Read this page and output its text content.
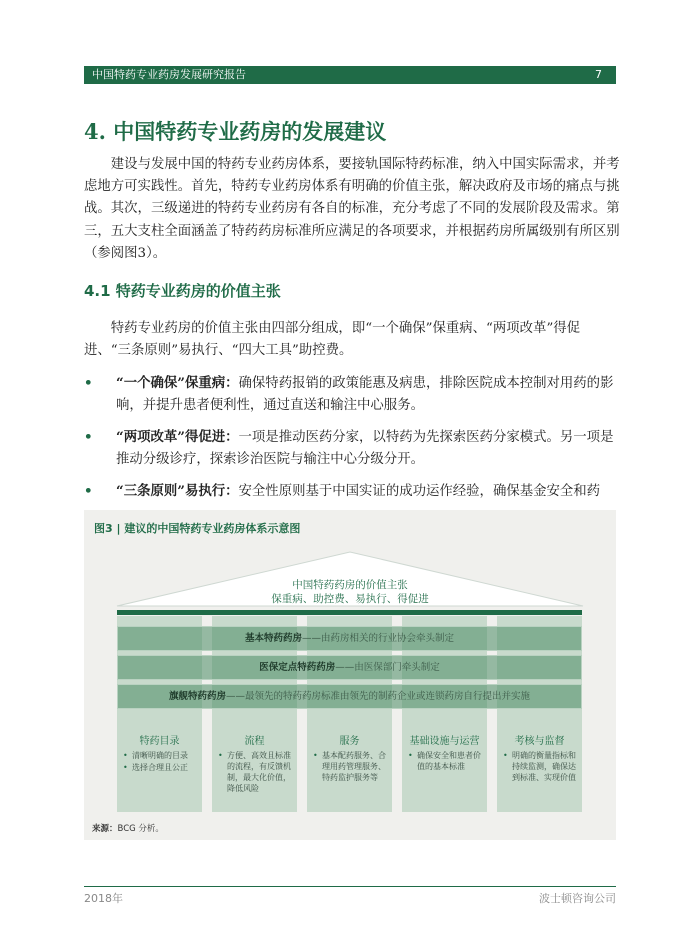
中国特药专业药房发展研究报告	7
4. 中国特药专业药房的发展建议

建设与发展中国的特药专业药房体系，要接轨国际特药标准，纳入中国实际需求，并考虑地方可实践性。首先，特药专业药房体系有明确的价值主张，解决政府及市场的痛点与挑战。其次，三级递进的特药专业药房有各自的标准，充分考虑了不同的发展阶段及需求。第三，五大支柱全面涵盖了特药药房标准所应满足的各项要求，并根据药房所属级别有所区别（参阅图3）。

4.1 特药专业药房的价值主张

特药专业药房的价值主张由四部分组成，即“一个确保”保重病、“两项改革”得促进、“三条原则”易执行、“四大工具”助控费。

• “一个确保”保重病：确保特药报销的政策能惠及病患，排除医院成本控制对用药的影响，并提升患者便利性，通过直送和输注中心服务。
• “两项改革”得促进：一项是推动医药分家，以特药为先探索医药分家模式。另一项是推动分级诊疗，探索诊治医院与输注中心分级分开。
• “三条原则”易执行：安全性原则基于中国实证的成功运作经验，确保基金安全和药
图3 | 建议的中国特药专业药房体系示意图
中国特药药房的价值主张
保重病、助控费、易执行、得促进
特药目录
• 清晰明确的目录
• 选择合理且公正
流程
• 方便、高效且标准的流程，有反馈机制，最大化价值，降低风险
服务
• 基本配药服务、合理用药管理服务、特药监护服务等
基础设施与运营
• 确保安全和患者价值的基本标准
考核与监督
• 明确的衡量指标和持续监测，确保达到标准、实现价值
基本特药药房——由药房相关的行业协会牵头制定
医保定点特药药房——由医保部门牵头制定
旗舰特药药房——最领先的特药药房标准由领先的制药企业或连锁药房自行提出并实施
来源：BCG 分析。
2018年	波士顿咨询公司
